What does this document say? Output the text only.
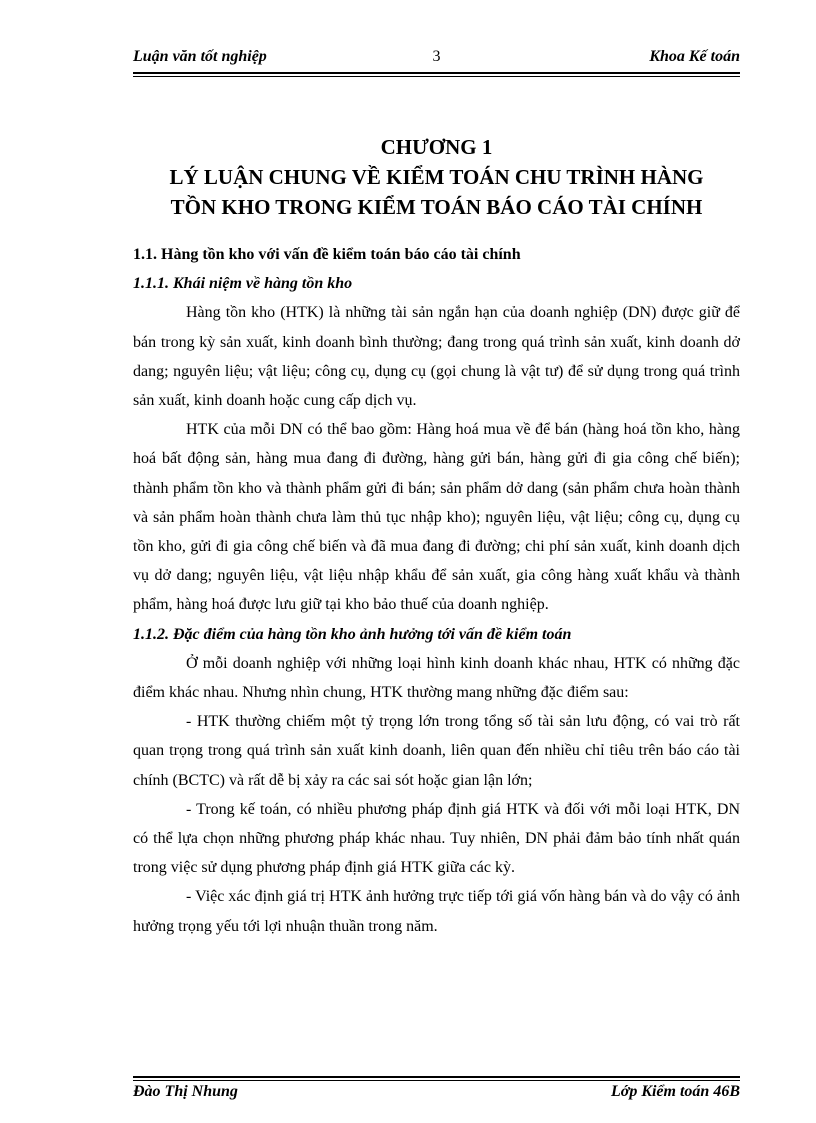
Luận văn tốt nghiệp	3	Khoa Kế toán
CHƯƠNG 1
LÝ LUẬN CHUNG VỀ KIỂM TOÁN CHU TRÌNH HÀNG
TỒN KHO TRONG KIỂM TOÁN BÁO CÁO TÀI CHÍNH

1.1. Hàng tồn kho với vấn đề kiểm toán báo cáo tài chính

1.1.1. Khái niệm về hàng tồn kho

Hàng tồn kho (HTK) là những tài sản ngắn hạn của doanh nghiệp (DN) được giữ để bán trong kỳ sản xuất, kinh doanh bình thường; đang trong quá trình sản xuất, kinh doanh dở dang; nguyên liệu; vật liệu; công cụ, dụng cụ (gọi chung là vật tư) để sử dụng trong quá trình sản xuất, kinh doanh hoặc cung cấp dịch vụ.

HTK của mỗi DN có thể bao gồm: Hàng hoá mua về để bán (hàng hoá tồn kho, hàng hoá bất động sản, hàng mua đang đi đường, hàng gửi bán, hàng gửi đi gia công chế biến); thành phẩm tồn kho và thành phẩm gửi đi bán; sản phẩm dở dang (sản phẩm chưa hoàn thành và sản phẩm hoàn thành chưa làm thủ tục nhập kho); nguyên liệu, vật liệu; công cụ, dụng cụ tồn kho, gửi đi gia công chế biến và đã mua đang đi đường; chi phí sản xuất, kinh doanh dịch vụ dở dang; nguyên liệu, vật liệu nhập khẩu để sản xuất, gia công hàng xuất khẩu và thành phẩm, hàng hoá được lưu giữ tại kho bảo thuế của doanh nghiệp.

1.1.2. Đặc điểm của hàng tồn kho ảnh hưởng tới vấn đề kiểm toán

Ở mỗi doanh nghiệp với những loại hình kinh doanh khác nhau, HTK có những đặc điểm khác nhau. Nhưng nhìn chung, HTK thường mang những đặc điểm sau:

- HTK thường chiếm một tỷ trọng lớn trong tổng số tài sản lưu động, có vai trò rất quan trọng trong quá trình sản xuất kinh doanh, liên quan đến nhiều chỉ tiêu trên báo cáo tài chính (BCTC) và rất dễ bị xảy ra các sai sót hoặc gian lận lớn;

- Trong kế toán, có nhiều phương pháp định giá HTK và đối với mỗi loại HTK, DN có thể lựa chọn những phương pháp khác nhau. Tuy nhiên, DN phải đảm bảo tính nhất quán trong việc sử dụng phương pháp định giá HTK giữa các kỳ.

- Việc xác định giá trị HTK ảnh hưởng trực tiếp tới giá vốn hàng bán và do vậy có ảnh hưởng trọng yếu tới lợi nhuận thuần trong năm.

Đào Thị Nhung	Lớp Kiểm toán 46B
